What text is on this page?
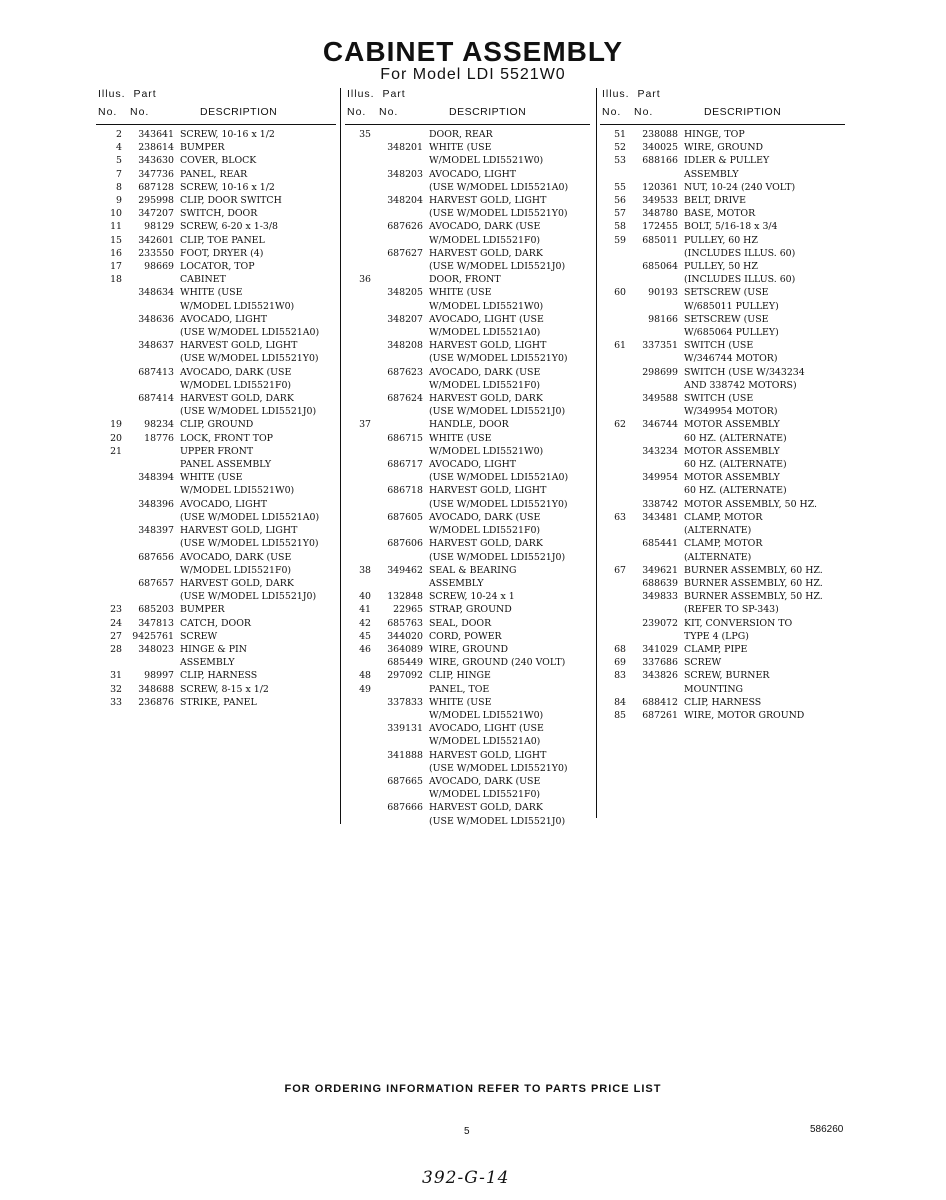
CABINET ASSEMBLY
For Model LDI 5521W0
Illus. Part
No. No.	DESCRIPTION
2	343641 SCREW, 10-16 x 1/2
4	238614 BUMPER
5	343630 COVER, BLOCK
7	347736 PANEL, REAR
8	687128 SCREW, 10-16 x 1/2
9	295998 CLIP, DOOR SWITCH
10	347207 SWITCH, DOOR
11	98129 SCREW, 6-20 x 1-3/8
15	342601 CLIP, TOE PANEL
16	233550 FOOT, DRYER (4)
17	98669 LOCATOR, TOP
18	CABINET
348634 WHITE (USE
W/MODEL LDI5521W0)
348636 AVOCADO, LIGHT
(USE W/MODEL LDI5521A0)
348637 HARVEST GOLD, LIGHT
(USE W/MODEL LDI5521Y0)
687413 AVOCADO, DARK (USE
W/MODEL LDI5521F0)
687414 HARVEST GOLD, DARK
(USE W/MODEL LDI5521J0)
19	98234 CLIP, GROUND
20	18776 LOCK, FRONT TOP
21	UPPER FRONT
PANEL ASSEMBLY
348394 WHITE (USE
W/MODEL LDI5521W0)
348396 AVOCADO, LIGHT
(USE W/MODEL LDI5521A0)
348397 HARVEST GOLD, LIGHT
(USE W/MODEL LDI5521Y0)
687656 AVOCADO, DARK (USE
W/MODEL LDI5521F0)
687657 HARVEST GOLD, DARK
(USE W/MODEL LDI5521J0)
23	685203 BUMPER
24	347813 CATCH, DOOR
27	9425761 SCREW
28	348023 HINGE & PIN
ASSEMBLY
31	98997 CLIP, HARNESS
32	348688 SCREW, 8-15 x 1/2
33	236876 STRIKE, PANEL
Illus. Part
No. No.	DESCRIPTION
35	DOOR, REAR
348201 WHITE (USE
W/MODEL LDI5521W0)
348203 AVOCADO, LIGHT
(USE W/MODEL LDI5521A0)
348204 HARVEST GOLD, LIGHT
(USE W/MODEL LDI5521Y0)
687626 AVOCADO, DARK (USE
W/MODEL LDI5521F0)
687627 HARVEST GOLD, DARK
(USE W/MODEL LDI5521J0)
36	DOOR, FRONT
348205 WHITE (USE
W/MODEL LDI5521W0)
348207 AVOCADO, LIGHT (USE
W/MODEL LDI5521A0)
348208 HARVEST GOLD, LIGHT
(USE W/MODEL LDI5521Y0)
687623 AVOCADO, DARK (USE
W/MODEL LDI5521F0)
687624 HARVEST GOLD, DARK
(USE W/MODEL LDI5521J0)
37	HANDLE, DOOR
686715 WHITE (USE
W/MODEL LDI5521W0)
686717 AVOCADO, LIGHT
(USE W/MODEL LDI5521A0)
686718 HARVEST GOLD, LIGHT
(USE W/MODEL LDI5521Y0)
687605 AVOCADO, DARK (USE
W/MODEL LDI5521F0)
687606 HARVEST GOLD, DARK
(USE W/MODEL LDI5521J0)
38	349462 SEAL & BEARING
ASSEMBLY
40	132848 SCREW, 10-24 x 1
41	22965 STRAP, GROUND
42	685763 SEAL, DOOR
45	344020 CORD, POWER
46	364089 WIRE, GROUND
685449 WIRE, GROUND (240 VOLT)
48	297092 CLIP, HINGE
49	PANEL, TOE
337833 WHITE (USE
W/MODEL LDI5521W0)
339131 AVOCADO, LIGHT (USE
W/MODEL LDI5521A0)
341888 HARVEST GOLD, LIGHT
(USE W/MODEL LDI5521Y0)
687665 AVOCADO, DARK (USE
W/MODEL LDI5521F0)
687666 HARVEST GOLD, DARK
(USE W/MODEL LDI5521J0)
Illus. Part
No. No.	DESCRIPTION
51	238088 HINGE, TOP
52	340025 WIRE, GROUND
53	688166 IDLER & PULLEY
ASSEMBLY
55	120361 NUT, 10-24 (240 VOLT)
56	349533 BELT, DRIVE
57	348780 BASE, MOTOR
58	172455 BOLT, 5/16-18 x 3/4
59	685011 PULLEY, 60 HZ
(INCLUDES ILLUS. 60)
685064 PULLEY, 50 HZ
(INCLUDES ILLUS. 60)
60	90193 SETSCREW (USE
W/685011 PULLEY)
98166 SETSCREW (USE
W/685064 PULLEY)
61	337351 SWITCH (USE
W/346744 MOTOR)
298699 SWITCH (USE W/343234
AND 338742 MOTORS)
349588 SWITCH (USE
W/349954 MOTOR)
62	346744 MOTOR ASSEMBLY
60 HZ. (ALTERNATE)
343234 MOTOR ASSEMBLY
60 HZ. (ALTERNATE)
349954 MOTOR ASSEMBLY
60 HZ. (ALTERNATE)
338742 MOTOR ASSEMBLY, 50 HZ.
63	343481 CLAMP, MOTOR
(ALTERNATE)
685441 CLAMP, MOTOR
(ALTERNATE)
67	349621 BURNER ASSEMBLY, 60 HZ.
688639 BURNER ASSEMBLY, 60 HZ.
349833 BURNER ASSEMBLY, 50 HZ.
(REFER TO SP-343)
239072 KIT, CONVERSION TO
TYPE 4 (LPG)
68	341029 CLAMP, PIPE
69	337686 SCREW
83	343826 SCREW, BURNER
MOUNTING
84	688412 CLIP, HARNESS
85	687261 WIRE, MOTOR GROUND
FOR ORDERING INFORMATION REFER TO PARTS PRICE LIST
5	586260
392-G-14
